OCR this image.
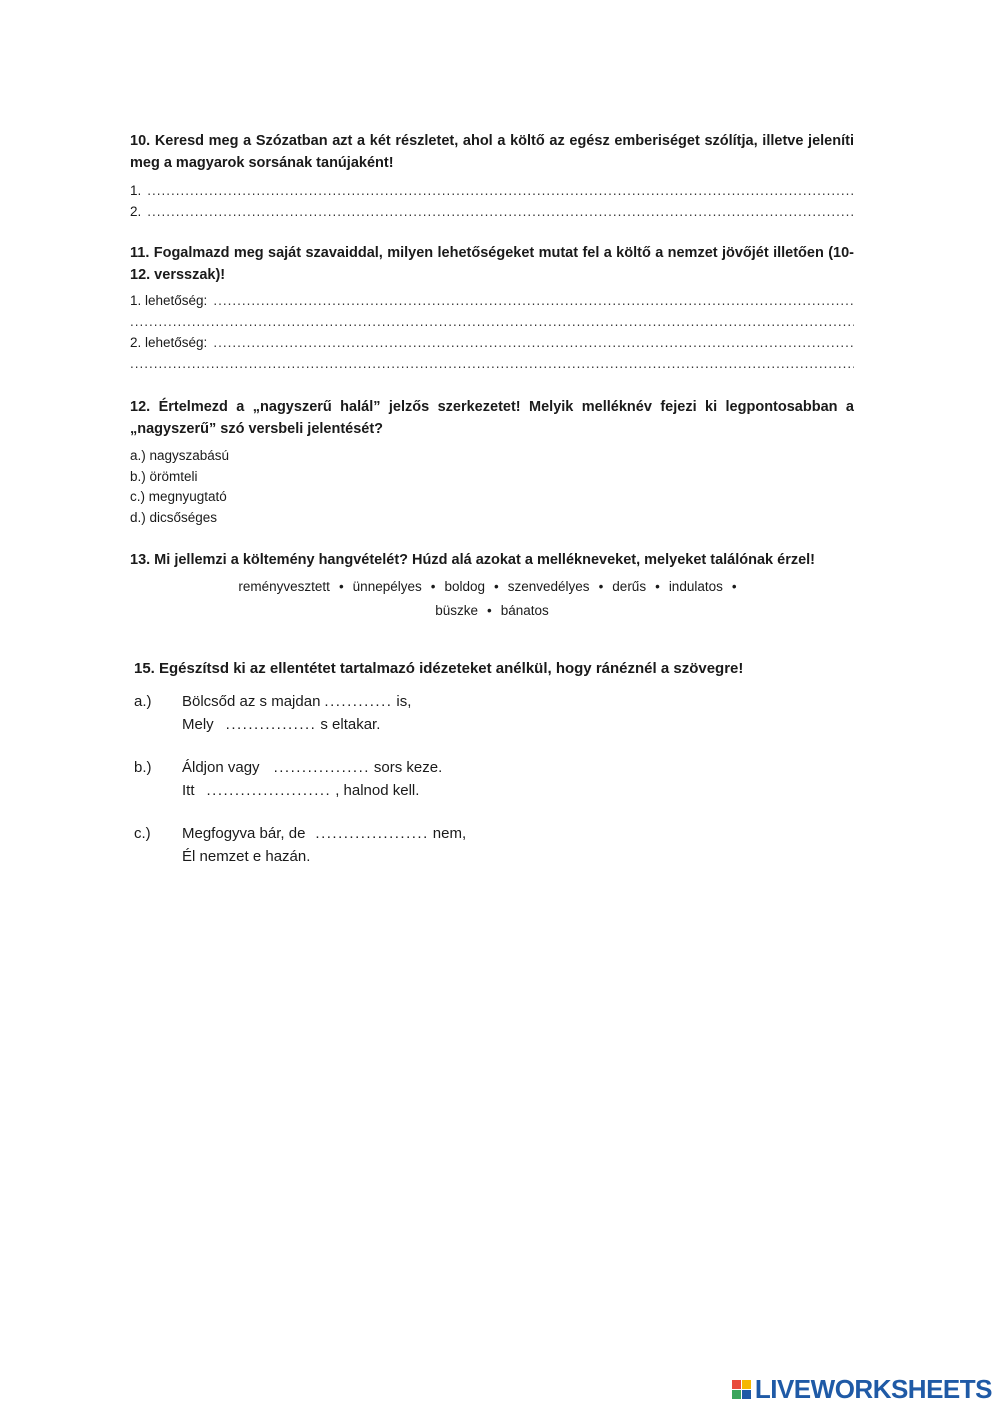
10. Keresd meg a Szózatban azt a két részletet, ahol a költő az egész emberiséget szólítja, illetve jeleníti meg a magyarok sorsának tanújaként!

1.
.....
2.
.....

11. Fogalmazd meg saját szavaiddal, milyen lehetőségeket mutat fel a költő a nemzet jövőjét illetően (10-12. versszak)!

1. lehetőség:
.....
.....
2. lehetőség:
.....
.....

12. Értelmezd a „nagyszerű halál” jelzős szerkezetet! Melyik melléknév fejezi ki legpontosabban a „nagyszerű” szó versbeli jelentését?

a.) nagyszabású
b.) örömteli
c.) megnyugtató
d.) dicsőséges

13. Mi jellemzi a költemény hangvételét? Húzd alá azokat a mellékneveket, melyeket találónak érzel!

reményvesztett • ünnepélyes • boldog • szenvedélyes • derűs • indulatos •
büszke • bánatos

15. Egészítsd ki az ellentétet tartalmazó idézeteket anélkül, hogy ránéznél a szövegre!

a.)	Bölcsőd az s majdan ............ is,
Mely ................ s eltakar.
b.)	Áldjon vagy ................. sors keze.
Itt ...................... , halnod kell.
c.)	Megfogyva bár, de .................... nem,
Él nemzet e hazán.
LIVEWORKSHEETS
